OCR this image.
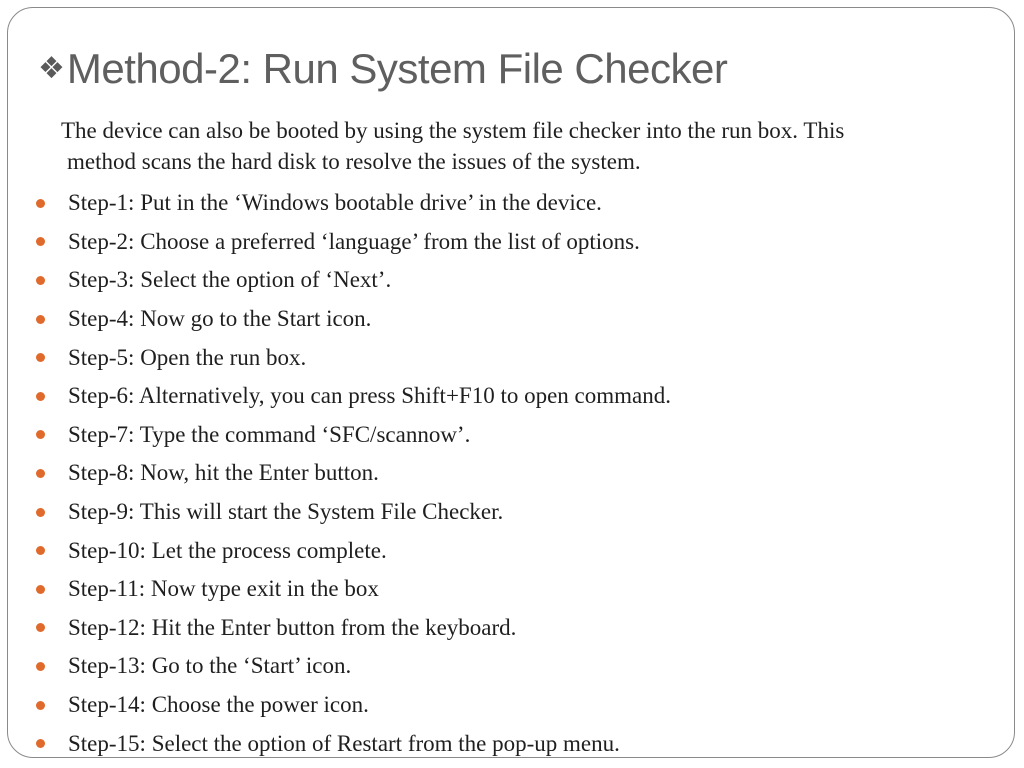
❖ Method-2: Run System File Checker
The device can also be booted by using the system file checker into the run box. This
method scans the hard disk to resolve the issues of the system.
Step-1: Put in the ‘Windows bootable drive’ in the device.
Step-2: Choose a preferred ‘language’ from the list of options.
Step-3: Select the option of ‘Next’.
Step-4: Now go to the Start icon.
Step-5: Open the run box.
Step-6: Alternatively, you can press Shift+F10 to open command.
Step-7: Type the command ‘SFC/scannow’.
Step-8: Now, hit the Enter button.
Step-9: This will start the System File Checker.
Step-10: Let the process complete.
Step-11: Now type exit in the box
Step-12: Hit the Enter button from the keyboard.
Step-13: Go to the ‘Start’ icon.
Step-14: Choose the power icon.
Step-15: Select the option of Restart from the pop-up menu.
